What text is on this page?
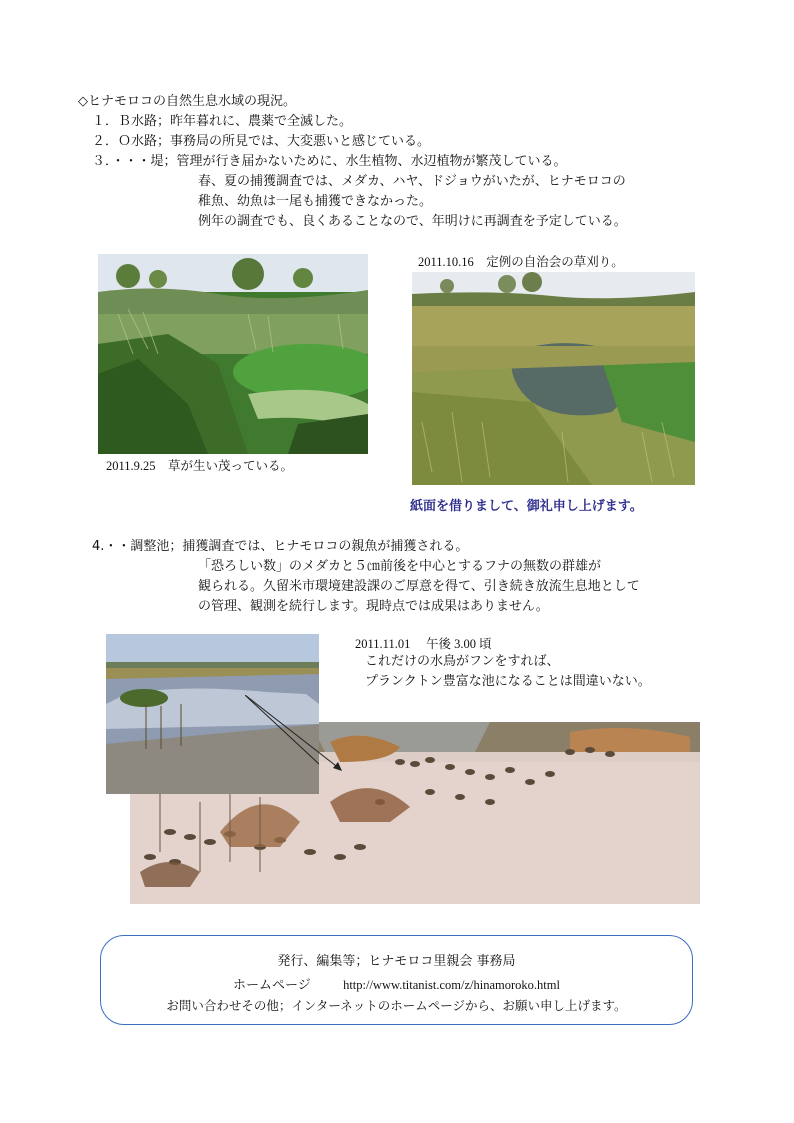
◇ヒナモロコの自然生息水域の現況。
１．Ｂ水路；昨年暮れに、農薬で全滅した。
２．Ｏ水路；事務局の所見では、大変悪いと感じている。
３．・・・堤；管理が行き届かないために、水生植物、水辺植物が繁茂している。
春、夏の捕獲調査では、メダカ、ハヤ、ドジョウがいたが、ヒナモロコの
稚魚、幼魚は一尾も捕獲できなかった。
例年の調査でも、良くあることなので、年明けに再調査を予定している。
2011.9.25　草が生い茂っている。
2011.10.16　定例の自治会の草刈り。
紙面を借りまして、御礼申し上げます。
4.・・調整池；捕獲調査では、ヒナモロコの親魚が捕獲される。
「恐ろしい数」のメダカと５㎝前後を中心とするフナの無数の群雄が
観られる。久留米市環境建設課のご厚意を得て、引き続き放流生息地として
の管理、観測を続行します。現時点では成果はありません。
2011.11.01　 午後 3.00 頃
これだけの水鳥がフンをすれば、
プランクトン豊富な池になることは間違いない。
発行、編集等；ヒナモロコ里親会 事務局
ホームページ	http://www.titanist.com/z/hinamoroko.html
お問い合わせその他；インターネットのホームページから、お願い申し上げます。
